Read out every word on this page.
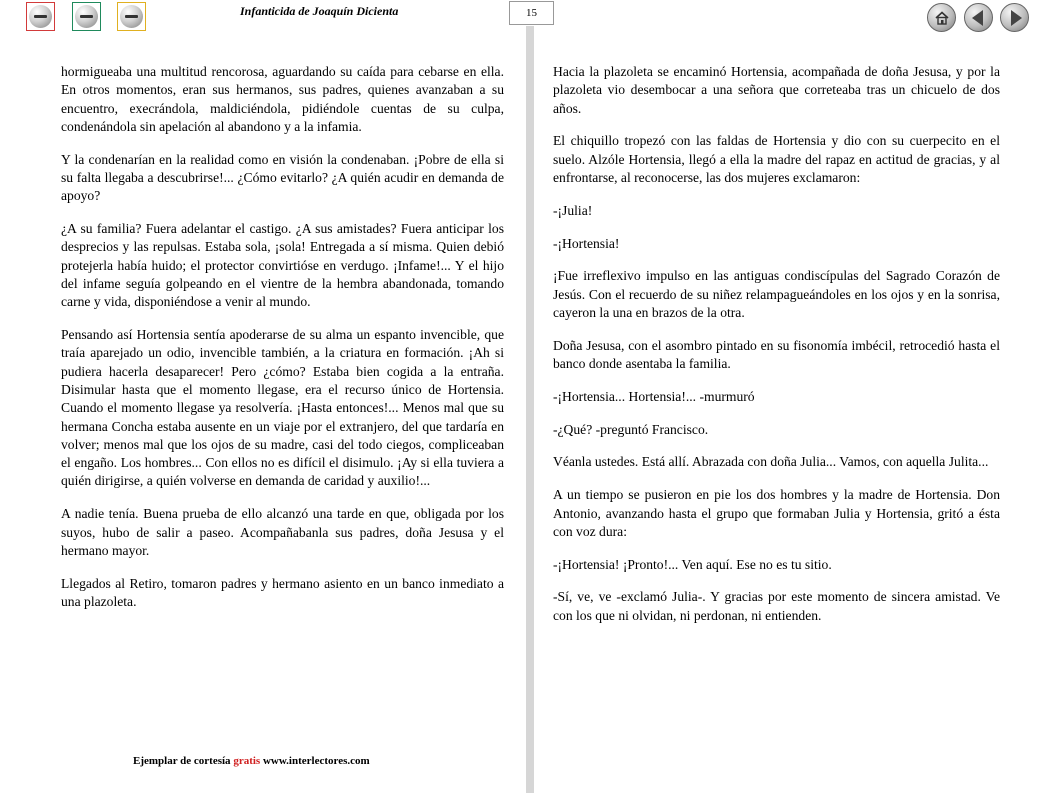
Infanticida de Joaquín Dicienta	15

hormigueaba una multitud rencorosa, aguardando su caída para cebarse en ella. En otros momentos, eran sus hermanos, sus padres, quienes avanzaban a su encuentro, execrándola, maldiciéndola, pidiéndole cuentas de su culpa, condenándola sin apelación al abandono y a la infamia.

Y la condenarían en la realidad como en visión la condenaban. ¡Pobre de ella si su falta llegaba a descubrirse!... ¿Cómo evitarlo? ¿A quién acudir en demanda de apoyo?

¿A su familia? Fuera adelantar el castigo. ¿A sus amistades? Fuera anticipar los desprecios y las repulsas. Estaba sola, ¡sola! Entregada a sí misma. Quien debió protejerla había huido; el protector convirtióse en verdugo. ¡Infame!... Y el hijo del infame seguía golpeando en el vientre de la hembra abandonada, tomando carne y vida, disponiéndose a venir al mundo.

Pensando así Hortensia sentía apoderarse de su alma un espanto invencible, que traía aparejado un odio, invencible también, a la criatura en formación. ¡Ah si pudiera hacerla desaparecer! Pero ¿cómo? Estaba bien cogida a la entraña. Disimular hasta que el momento llegase, era el recurso único de Hortensia. Cuando el momento llegase ya resolvería. ¡Hasta entonces!... Menos mal que su hermana Concha estaba ausente en un viaje por el extranjero, del que tardaría en volver; menos mal que los ojos de su madre, casi del todo ciegos, compliceaban el engaño. Los hombres... Con ellos no es difícil el disimulo. ¡Ay si ella tuviera a quién dirigirse, a quién volverse en demanda de caridad y auxilio!...

A nadie tenía. Buena prueba de ello alcanzó una tarde en que, obligada por los suyos, hubo de salir a paseo. Acompañabanla sus padres, doña Jesusa y el hermano mayor.

Llegados al Retiro, tomaron padres y hermano asiento en un banco inmediato a una plazoleta.

Hacia la plazoleta se encaminó Hortensia, acompañada de doña Jesusa, y por la plazoleta vio desembocar a una señora que correteaba tras un chicuelo de dos años.

El chiquillo tropezó con las faldas de Hortensia y dio con su cuerpecito en el suelo. Alzóle Hortensia, llegó a ella la madre del rapaz en actitud de gracias, y al enfrontarse, al reconocerse, las dos mujeres exclamaron:

-¡Julia!

-¡Hortensia!

¡Fue irreflexivo impulso en las antiguas condiscípulas del Sagrado Corazón de Jesús. Con el recuerdo de su niñez relampagueándoles en los ojos y en la sonrisa, cayeron la una en brazos de la otra.

Doña Jesusa, con el asombro pintado en su fisonomía imbécil, retrocedió hasta el banco donde asentaba la familia.

-¡Hortensia... Hortensia!... -murmuró

-¿Qué? -preguntó Francisco.

Véanla ustedes. Está allí. Abrazada con doña Julia... Vamos, con aquella Julita...

A un tiempo se pusieron en pie los dos hombres y la madre de Hortensia. Don Antonio, avanzando hasta el grupo que formaban Julia y Hortensia, gritó a ésta con voz dura:

-¡Hortensia! ¡Pronto!... Ven aquí. Ese no es tu sitio.

-Sí, ve, ve -exclamó Julia-. Y gracias por este momento de sincera amistad. Ve con los que ni olvidan, ni perdonan, ni entienden.

Ejemplar de cortesía gratis www.interlectores.com
